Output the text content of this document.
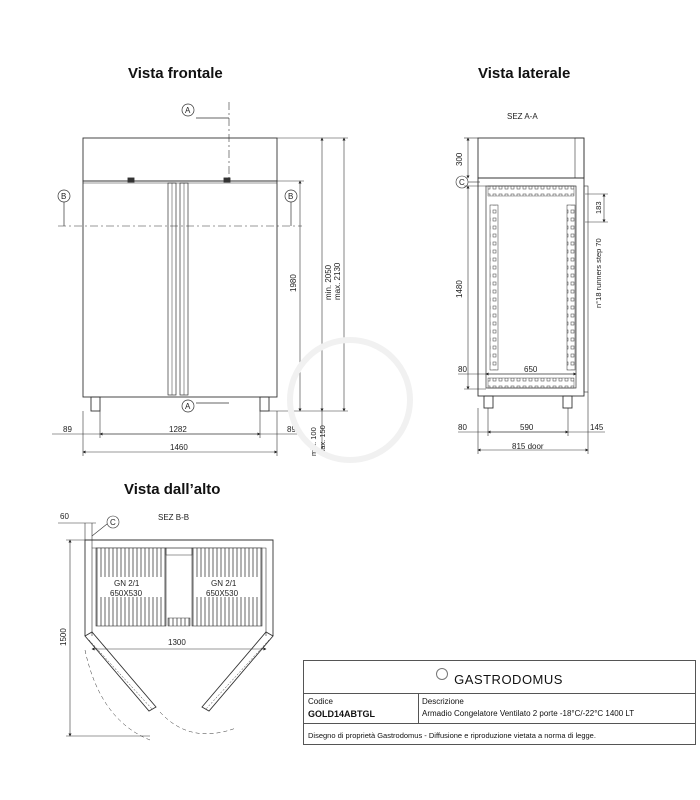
Vista frontale	Vista laterale
Vista dall’alto
A
A
B	B
1980	min. 2050 max. 2130
89	1282	89
1460	min. 100 max. 150
SEZ A-A
C
300
1480
183
n°18 runners step 70
80	650
80	590	145
815 door
SEZ B-B
GN 2/1
650X530
GN 2/1
650X530
60
C
1500	1300
GASTRODOMUS
Codice
GOLD14ABTGL
Descrizione
Armadio Congelatore Ventilato 2 porte -18°C/-22°C 1400 LT
Disegno di proprietà Gastrodomus - Diffusione e riproduzione vietata a norma di legge.
